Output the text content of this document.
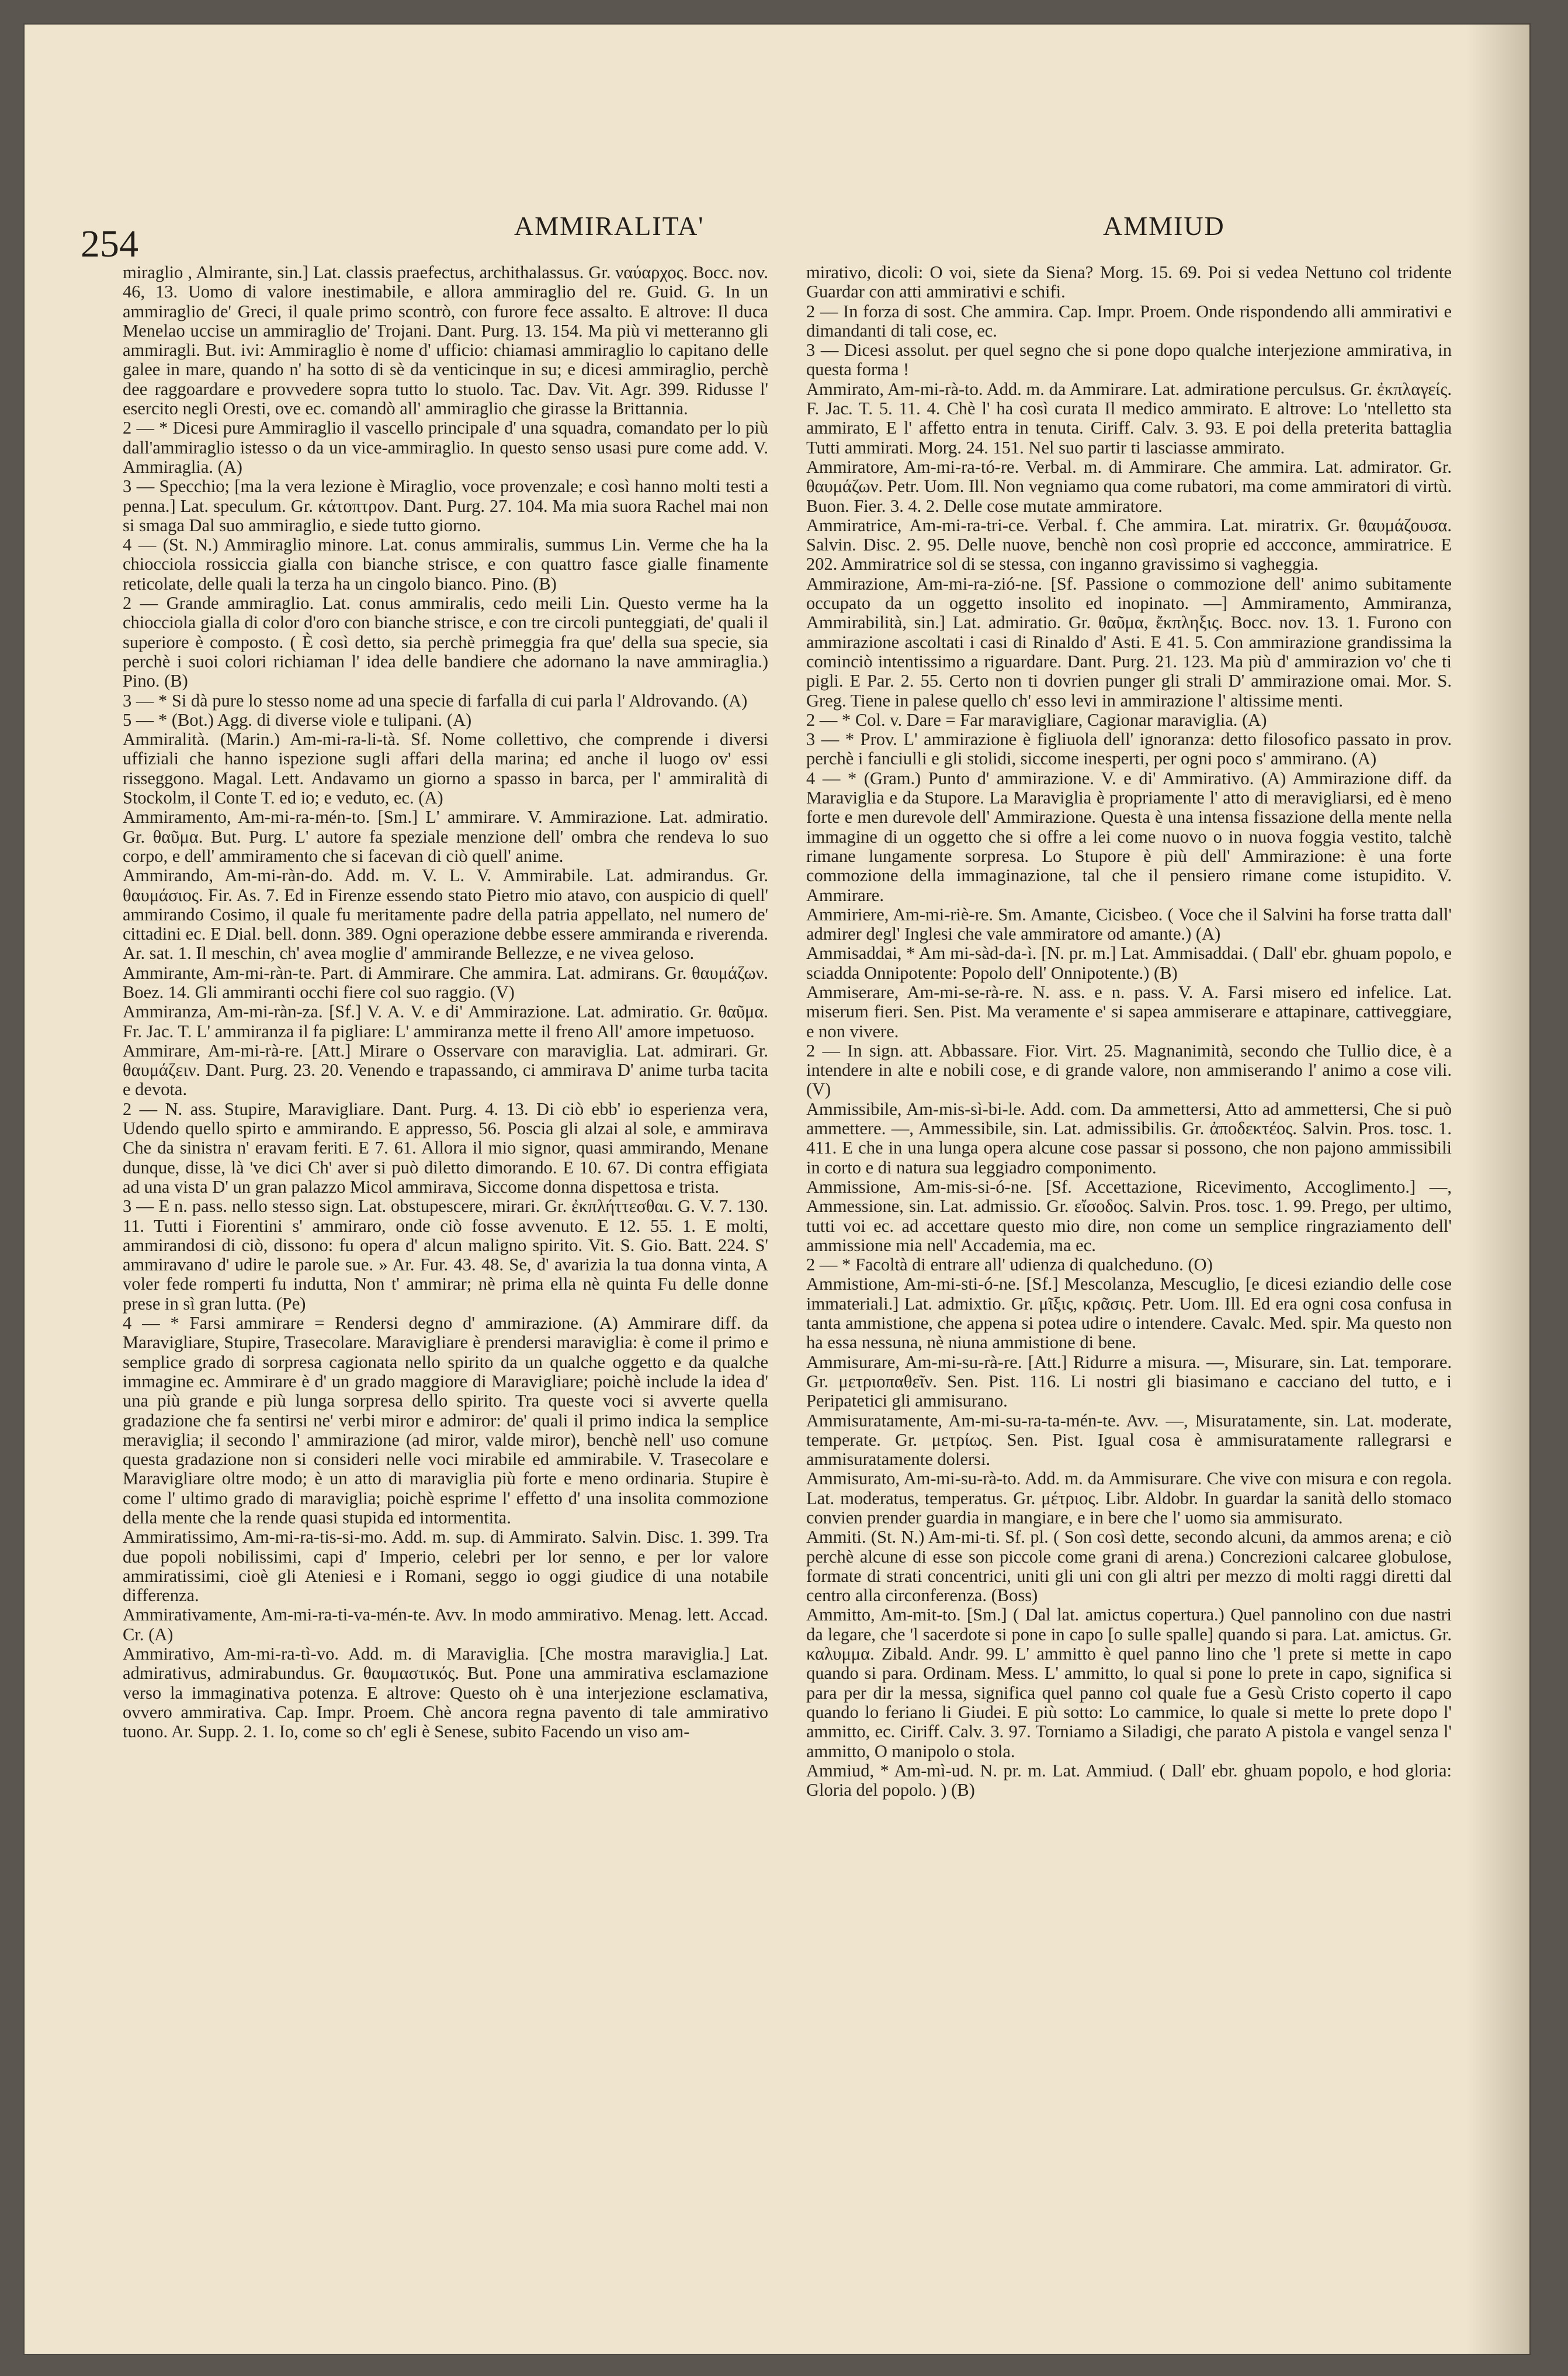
254	AMMIRALITA'	AMMIUD

miraglio , Almirante, sin.] Lat. classis praefectus, archithalassus. Gr. ναύαρχος. Bocc. nov. 46, 13. Uomo di valore inestimabile, e allora ammiraglio del re. Guid. G. In un ammiraglio de' Greci, il quale primo scontrò, con furore fece assalto. E altrove: Il duca Menelao uccise un ammiraglio de' Trojani. Dant. Purg. 13. 154. Ma più vi metteranno gli ammiragli. But. ivi: Ammiraglio è nome d' ufficio: chiamasi ammiraglio lo capitano delle galee in mare, quando n' ha sotto di sè da venticinque in su; e dicesi ammiraglio, perchè dee raggoardare e provvedere sopra tutto lo stuolo. Tac. Dav. Vit. Agr. 399. Ridusse l' esercito negli Oresti, ove ec. comandò all' ammiraglio che girasse la Brittannia.

2 — * Dicesi pure Ammiraglio il vascello principale d' una squadra, comandato per lo più dall'ammiraglio istesso o da un vice-ammiraglio. In questo senso usasi pure come add. V. Ammiraglia. (A)

3 — Specchio; [ma la vera lezione è Miraglio, voce provenzale; e così hanno molti testi a penna.] Lat. speculum. Gr. κάτοπτρον. Dant. Purg. 27. 104. Ma mia suora Rachel mai non si smaga Dal suo ammiraglio, e siede tutto giorno.

4 — (St. N.) Ammiraglio minore. Lat. conus ammiralis, summus Lin. Verme che ha la chiocciola rossiccia gialla con bianche strisce, e con quattro fasce gialle finamente reticolate, delle quali la terza ha un cingolo bianco. Pino. (B)

2 — Grande ammiraglio. Lat. conus ammiralis, cedo meili Lin. Questo verme ha la chiocciola gialla di color d'oro con bianche strisce, e con tre circoli punteggiati, de' quali il superiore è composto. ( È così detto, sia perchè primeggia fra que' della sua specie, sia perchè i suoi colori richiaman l' idea delle bandiere che adornano la nave ammiraglia.) Pino. (B)

3 — * Si dà pure lo stesso nome ad una specie di farfalla di cui parla l' Aldrovando. (A)

5 — * (Bot.) Agg. di diverse viole e tulipani. (A)

Ammiralità. (Marin.) Am-mi-ra-li-tà. Sf. Nome collettivo, che comprende i diversi uffiziali che hanno ispezione sugli affari della marina; ed anche il luogo ov' essi risseggono. Magal. Lett. Andavamo un giorno a spasso in barca, per l' ammiralità di Stockolm, il Conte T. ed io; e veduto, ec. (A)

Ammiramento, Am-mi-ra-mén-to. [Sm.] L' ammirare. V. Ammirazione. Lat. admiratio. Gr. θαῦμα. But. Purg. L' autore fa speziale menzione dell' ombra che rendeva lo suo corpo, e dell' ammiramento che si facevan di ciò quell' anime.

Ammirando, Am-mi-ràn-do. Add. m. V. L. V. Ammirabile. Lat. admirandus. Gr. θαυμάσιος. Fir. As. 7. Ed in Firenze essendo stato Pietro mio atavo, con auspicio di quell' ammirando Cosimo, il quale fu meritamente padre della patria appellato, nel numero de' cittadini ec. E Dial. bell. donn. 389. Ogni operazione debbe essere ammiranda e riverenda. Ar. sat. 1. Il meschin, ch' avea moglie d' ammirande Bellezze, e ne vivea geloso.

Ammirante, Am-mi-ràn-te. Part. di Ammirare. Che ammira. Lat. admirans. Gr. θαυμάζων. Boez. 14. Gli ammiranti occhi fiere col suo raggio. (V)

Ammiranza, Am-mi-ràn-za. [Sf.] V. A. V. e di' Ammirazione. Lat. admiratio. Gr. θαῦμα. Fr. Jac. T. L' ammiranza il fa pigliare: L' ammiranza mette il freno All' amore impetuoso.

Ammirare, Am-mi-rà-re. [Att.] Mirare o Osservare con maraviglia. Lat. admirari. Gr. θαυμάζειν. Dant. Purg. 23. 20. Venendo e trapassando, ci ammirava D' anime turba tacita e devota.

2 — N. ass. Stupire, Maravigliare. Dant. Purg. 4. 13. Di ciò ebb' io esperienza vera, Udendo quello spirto e ammirando. E appresso, 56. Poscia gli alzai al sole, e ammirava Che da sinistra n' eravam feriti. E 7. 61. Allora il mio signor, quasi ammirando, Menane dunque, disse, là 've dici Ch' aver si può diletto dimorando. E 10. 67. Di contra effigiata ad una vista D' un gran palazzo Micol ammirava, Siccome donna dispettosa e trista.

3 — E n. pass. nello stesso sign. Lat. obstupescere, mirari. Gr. ἐκπλήττεσθαι. G. V. 7. 130. 11. Tutti i Fiorentini s' ammiraro, onde ciò fosse avvenuto. E 12. 55. 1. E molti, ammirandosi di ciò, dissono: fu opera d' alcun maligno spirito. Vit. S. Gio. Batt. 224. S' ammiravano d' udire le parole sue. » Ar. Fur. 43. 48. Se, d' avarizia la tua donna vinta, A voler fede romperti fu indutta, Non t' ammirar; nè prima ella nè quinta Fu delle donne prese in sì gran lutta. (Pe)

4 — * Farsi ammirare = Rendersi degno d' ammirazione. (A) Ammirare diff. da Maravigliare, Stupire, Trasecolare. Maravigliare è prendersi maraviglia: è come il primo e semplice grado di sorpresa cagionata nello spirito da un qualche oggetto e da qualche immagine ec. Ammirare è d' un grado maggiore di Maravigliare; poichè include la idea d' una più grande e più lunga sorpresa dello spirito. Tra queste voci si avverte quella gradazione che fa sentirsi ne' verbi miror e admiror: de' quali il primo indica la semplice meraviglia; il secondo l' ammirazione (ad miror, valde miror), benchè nell' uso comune questa gradazione non si consideri nelle voci mirabile ed ammirabile. V. Trasecolare e Maravigliare oltre modo; è un atto di maraviglia più forte e meno ordinaria. Stupire è come l' ultimo grado di maraviglia; poichè esprime l' effetto d' una insolita commozione della mente che la rende quasi stupida ed intormentita.

Ammiratissimo, Am-mi-ra-tis-si-mo. Add. m. sup. di Ammirato. Salvin. Disc. 1. 399. Tra due popoli nobilissimi, capi d' Imperio, celebri per lor senno, e per lor valore ammiratissimi, cioè gli Ateniesi e i Romani, seggo io oggi giudice di una notabile differenza.

Ammirativamente, Am-mi-ra-ti-va-mén-te. Avv. In modo ammirativo. Menag. lett. Accad. Cr. (A)

Ammirativo, Am-mi-ra-tì-vo. Add. m. di Maraviglia. [Che mostra maraviglia.] Lat. admirativus, admirabundus. Gr. θαυμαστικός. But. Pone una ammirativa esclamazione verso la immaginativa potenza. E altrove: Questo oh è una interjezione esclamativa, ovvero ammirativa. Cap. Impr. Proem. Chè ancora regna pavento di tale ammirativo tuono. Ar. Supp. 2. 1. Io, come so ch' egli è Senese, subito Facendo un viso am-

mirativo, dicoli: O voi, siete da Siena? Morg. 15. 69. Poi si vedea Nettuno col tridente Guardar con atti ammirativi e schifi.

2 — In forza di sost. Che ammira. Cap. Impr. Proem. Onde rispondendo alli ammirativi e dimandanti di tali cose, ec.

3 — Dicesi assolut. per quel segno che si pone dopo qualche interjezione ammirativa, in questa forma !

Ammirato, Am-mi-rà-to. Add. m. da Ammirare. Lat. admiratione perculsus. Gr. ἐκπλαγείς. F. Jac. T. 5. 11. 4. Chè l' ha così curata Il medico ammirato. E altrove: Lo 'ntelletto sta ammirato, E l' affetto entra in tenuta. Ciriff. Calv. 3. 93. E poi della preterita battaglia Tutti ammirati. Morg. 24. 151. Nel suo partir ti lasciasse ammirato.

Ammiratore, Am-mi-ra-tó-re. Verbal. m. di Ammirare. Che ammira. Lat. admirator. Gr. θαυμάζων. Petr. Uom. Ill. Non vegniamo qua come rubatori, ma come ammiratori di virtù. Buon. Fier. 3. 4. 2. Delle cose mutate ammiratore.

Ammiratrice, Am-mi-ra-tri-ce. Verbal. f. Che ammira. Lat. miratrix. Gr. θαυμάζουσα. Salvin. Disc. 2. 95. Delle nuove, benchè non così proprie ed accconce, ammiratrice. E 202. Ammiratrice sol di se stessa, con inganno gravissimo si vagheggia.

Ammirazione, Am-mi-ra-zió-ne. [Sf. Passione o commozione dell' animo subitamente occupato da un oggetto insolito ed inopinato. —] Ammiramento, Ammiranza, Ammirabilità, sin.] Lat. admiratio. Gr. θαῦμα, ἔκπληξις. Bocc. nov. 13. 1. Furono con ammirazione ascoltati i casi di Rinaldo d' Asti. E 41. 5. Con ammirazione grandissima la cominciò intentissimo a riguardare. Dant. Purg. 21. 123. Ma più d' ammirazion vo' che ti pigli. E Par. 2. 55. Certo non ti dovrien punger gli strali D' ammirazione omai. Mor. S. Greg. Tiene in palese quello ch' esso levi in ammirazione l' altissime menti.

2 — * Col. v. Dare = Far maravigliare, Cagionar maraviglia. (A)

3 — * Prov. L' ammirazione è figliuola dell' ignoranza: detto filosofico passato in prov. perchè i fanciulli e gli stolidi, siccome inesperti, per ogni poco s' ammirano. (A)

4 — * (Gram.) Punto d' ammirazione. V. e di' Ammirativo. (A) Ammirazione diff. da Maraviglia e da Stupore. La Maraviglia è propriamente l' atto di meravigliarsi, ed è meno forte e men durevole dell' Ammirazione. Questa è una intensa fissazione della mente nella immagine di un oggetto che si offre a lei come nuovo o in nuova foggia vestito, talchè rimane lungamente sorpresa. Lo Stupore è più dell' Ammirazione: è una forte commozione della immaginazione, tal che il pensiero rimane come istupidito. V. Ammirare.

Ammiriere, Am-mi-riè-re. Sm. Amante, Cicisbeo. ( Voce che il Salvini ha forse tratta dall' admirer degl' Inglesi che vale ammiratore od amante.) (A)

Ammisaddai, * Am mi-sàd-da-ì. [N. pr. m.] Lat. Ammisaddai. ( Dall' ebr. ghuam popolo, e sciadda Onnipotente: Popolo dell' Onnipotente.) (B)

Ammiserare, Am-mi-se-rà-re. N. ass. e n. pass. V. A. Farsi misero ed infelice. Lat. miserum fieri. Sen. Pist. Ma veramente e' si sapea ammiserare e attapinare, cattiveggiare, e non vivere.

2 — In sign. att. Abbassare. Fior. Virt. 25. Magnanimità, secondo che Tullio dice, è a intendere in alte e nobili cose, e di grande valore, non ammiserando l' animo a cose vili. (V)

Ammissibile, Am-mis-sì-bi-le. Add. com. Da ammettersi, Atto ad ammettersi, Che si può ammettere. —, Ammessibile, sin. Lat. admissibilis. Gr. ἀποδεκτέος. Salvin. Pros. tosc. 1. 411. E che in una lunga opera alcune cose passar si possono, che non pajono ammissibili in corto e di natura sua leggiadro componimento.

Ammissione, Am-mis-si-ó-ne. [Sf. Accettazione, Ricevimento, Accoglimento.] —, Ammessione, sin. Lat. admissio. Gr. εἴσοδος. Salvin. Pros. tosc. 1. 99. Prego, per ultimo, tutti voi ec. ad accettare questo mio dire, non come un semplice ringraziamento dell' ammissione mia nell' Accademia, ma ec.

2 — * Facoltà di entrare all' udienza di qualcheduno. (O)

Ammistione, Am-mi-sti-ó-ne. [Sf.] Mescolanza, Mescuglio, [e dicesi eziandio delle cose immateriali.] Lat. admixtio. Gr. μῖξις, κρᾶσις. Petr. Uom. Ill. Ed era ogni cosa confusa in tanta ammistione, che appena si potea udire o intendere. Cavalc. Med. spir. Ma questo non ha essa nessuna, nè niuna ammistione di bene.

Ammisurare, Am-mi-su-rà-re. [Att.] Ridurre a misura. —, Misurare, sin. Lat. temporare. Gr. μετριοπαθεῖν. Sen. Pist. 116. Li nostri gli biasimano e cacciano del tutto, e i Peripatetici gli ammisurano.

Ammisuratamente, Am-mi-su-ra-ta-mén-te. Avv. —, Misuratamente, sin. Lat. moderate, temperate. Gr. μετρίως. Sen. Pist. Igual cosa è ammisuratamente rallegrarsi e ammisuratamente dolersi.

Ammisurato, Am-mi-su-rà-to. Add. m. da Ammisurare. Che vive con misura e con regola. Lat. moderatus, temperatus. Gr. μέτριος. Libr. Aldobr. In guardar la sanità dello stomaco convien prender guardia in mangiare, e in bere che l' uomo sia ammisurato.

Ammiti. (St. N.) Am-mi-ti. Sf. pl. ( Son così dette, secondo alcuni, da ammos arena; e ciò perchè alcune di esse son piccole come grani di arena.) Concrezioni calcaree globulose, formate di strati concentrici, uniti gli uni con gli altri per mezzo di molti raggi diretti dal centro alla circonferenza. (Boss)

Ammitto, Am-mit-to. [Sm.] ( Dal lat. amictus copertura.) Quel pannolino con due nastri da legare, che 'l sacerdote si pone in capo [o sulle spalle] quando si para. Lat. amictus. Gr. καλυμμα. Zibald. Andr. 99. L' ammitto è quel panno lino che 'l prete si mette in capo quando si para. Ordinam. Mess. L' ammitto, lo qual si pone lo prete in capo, significa si para per dir la messa, significa quel panno col quale fue a Gesù Cristo coperto il capo quando lo feriano li Giudei. E più sotto: Lo cammice, lo quale si mette lo prete dopo l' ammitto, ec. Ciriff. Calv. 3. 97. Torniamo a Siladigi, che parato A pistola e vangel senza l' ammitto, O manipolo o stola.

Ammiud, * Am-mì-ud. N. pr. m. Lat. Ammiud. ( Dall' ebr. ghuam popolo, e hod gloria: Gloria del popolo. ) (B)
